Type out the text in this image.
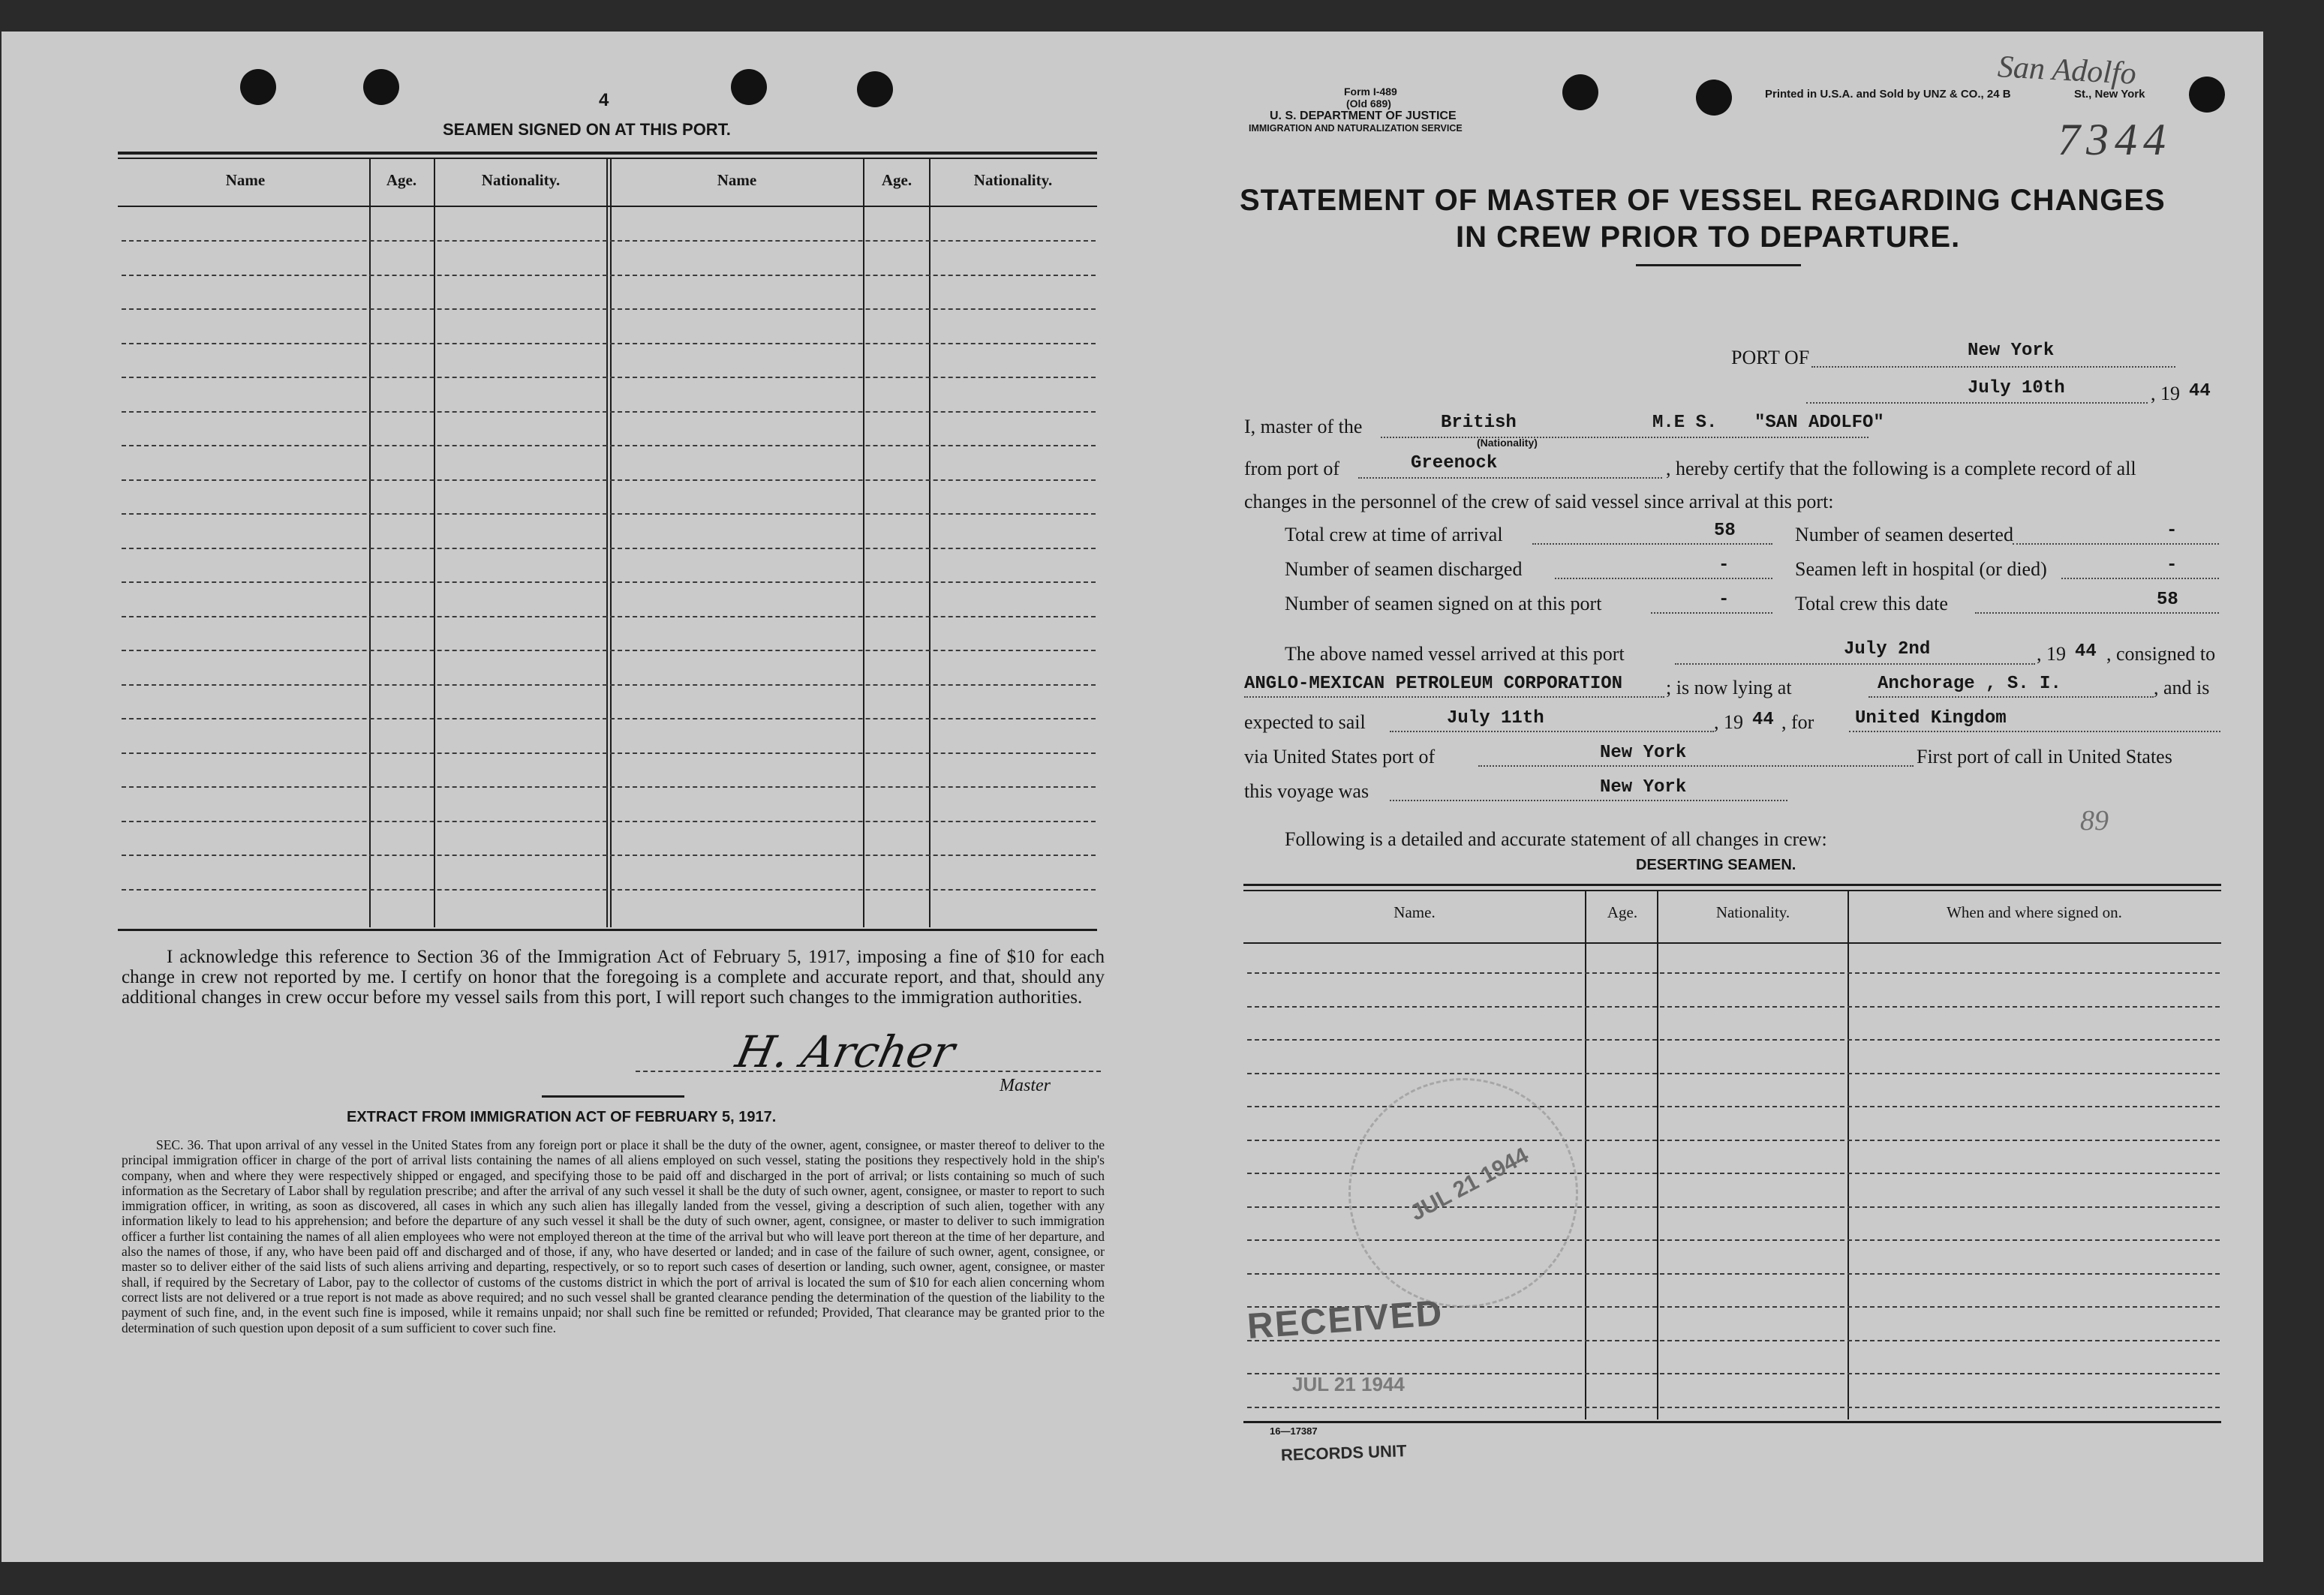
4
SEAMEN SIGNED ON AT THIS PORT.
Name	Age.	Nationality.	Name	Age.	Nationality.
I acknowledge this reference to Section 36 of the Immigration Act of February 5, 1917, imposing a fine of $10 for each change in crew not reported by me. I certify on honor that the foregoing is a complete and accurate report, and that, should any additional changes in crew occur before my vessel sails from this port, I will report such changes to the immigration authorities.
H. Archer
Master
EXTRACT FROM IMMIGRATION ACT OF FEBRUARY 5, 1917.
SEC. 36. That upon arrival of any vessel in the United States from any foreign port or place it shall be the duty of the owner, agent, consignee, or master thereof to deliver to the principal immigration officer in charge of the port of arrival lists containing the names of all aliens employed on such vessel, stating the positions they respectively hold in the ship's company, when and where they were respectively shipped or engaged, and specifying those to be paid off and discharged in the port of arrival; or lists containing so much of such information as the Secretary of Labor shall by regulation prescribe; and after the arrival of any such vessel it shall be the duty of such owner, agent, consignee, or master to report to such immigration officer, in writing, as soon as discovered, all cases in which any such alien has illegally landed from the vessel, giving a description of such alien, together with any information likely to lead to his apprehension; and before the departure of any such vessel it shall be the duty of such owner, agent, consignee, or master to deliver to such immigration officer a further list containing the names of all alien employees who were not employed thereon at the time of the arrival but who will leave port thereon at the time of her departure, and also the names of those, if any, who have been paid off and discharged and of those, if any, who have deserted or landed; and in case of the failure of such owner, agent, consignee, or master so to deliver either of the said lists of such aliens arriving and departing, respectively, or so to report such cases of desertion or landing, such owner, agent, consignee, or master shall, if required by the Secretary of Labor, pay to the collector of customs of the customs district in which the port of arrival is located the sum of $10 for each alien concerning whom correct lists are not delivered or a true report is not made as above required; and no such vessel shall be granted clearance pending the determination of the question of the liability to the payment of such fine, and, in the event such fine is imposed, while it remains unpaid; nor shall such fine be remitted or refunded; Provided, That clearance may be granted prior to the determination of such question upon deposit of a sum sufficient to cover such fine.
Form I-489
(Old 689)
U. S. DEPARTMENT OF JUSTICE
IMMIGRATION AND NATURALIZATION SERVICE
Printed in U.S.A. and Sold by UNZ & CO., 24 B	St., New York
San Adolfo
7344
STATEMENT OF MASTER OF VESSEL REGARDING CHANGES
IN CREW PRIOR TO DEPARTURE.
PORT OF	New York
July 10th	, 19 44
I, master of the	British
(Nationality)
M.E S. "SAN ADOLFO"
from port of	Greenock	, hereby certify that the following is a complete record of all
changes in the personnel of the crew of said vessel since arrival at this port:
Total crew at time of arrival	58	Number of seamen deserted	-
Number of seamen discharged	-	Seamen left in hospital (or died)	-
Number of seamen signed on at this port	-	Total crew this date	58
The above named vessel arrived at this port	July 2nd	, 19 44 , consigned to
ANGLO-MEXICAN PETROLEUM CORPORATION ; is now lying at	Anchorage , S. I.	, and is
expected to sail	July 11th	, 19 44 , for United Kingdom
via United States port of	New York	First port of call in United States
this voyage was	New York
89
Following is a detailed and accurate statement of all changes in crew:
DESERTING SEAMEN.
Name.	Age.	Nationality.	When and where signed on.
JUL 21 1944
RECEIVED
JUL 21 1944
16—17387
RECORDS UNIT
